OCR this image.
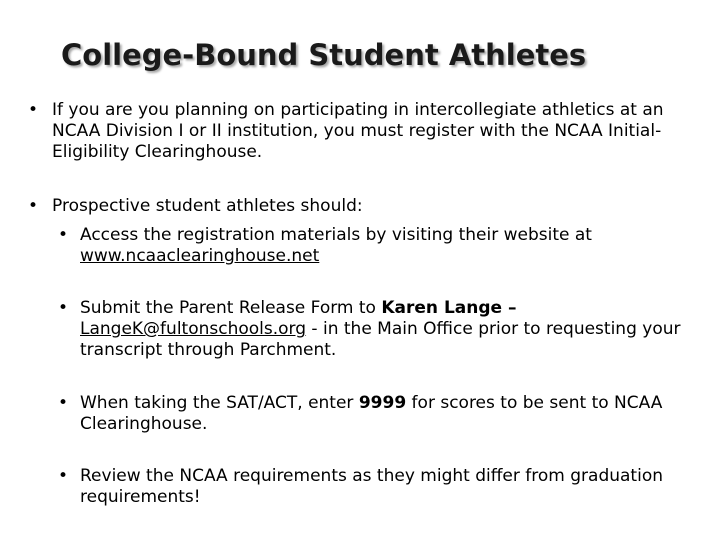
College-Bound Student Athletes
• If you are you planning on participating in intercollegiate athletics at an NCAA Division I or II institution, you must register with the NCAA Initial-Eligibility Clearinghouse.
• Prospective student athletes should:
• Access the registration materials by visiting their website at www.ncaaclearinghouse.net
• Submit the Parent Release Form to Karen Lange – LangeK@fultonschools.org - in the Main Office prior to requesting your transcript through Parchment.
• When taking the SAT/ACT, enter 9999 for scores to be sent to NCAA Clearinghouse.
• Review the NCAA requirements as they might differ from graduation requirements!
